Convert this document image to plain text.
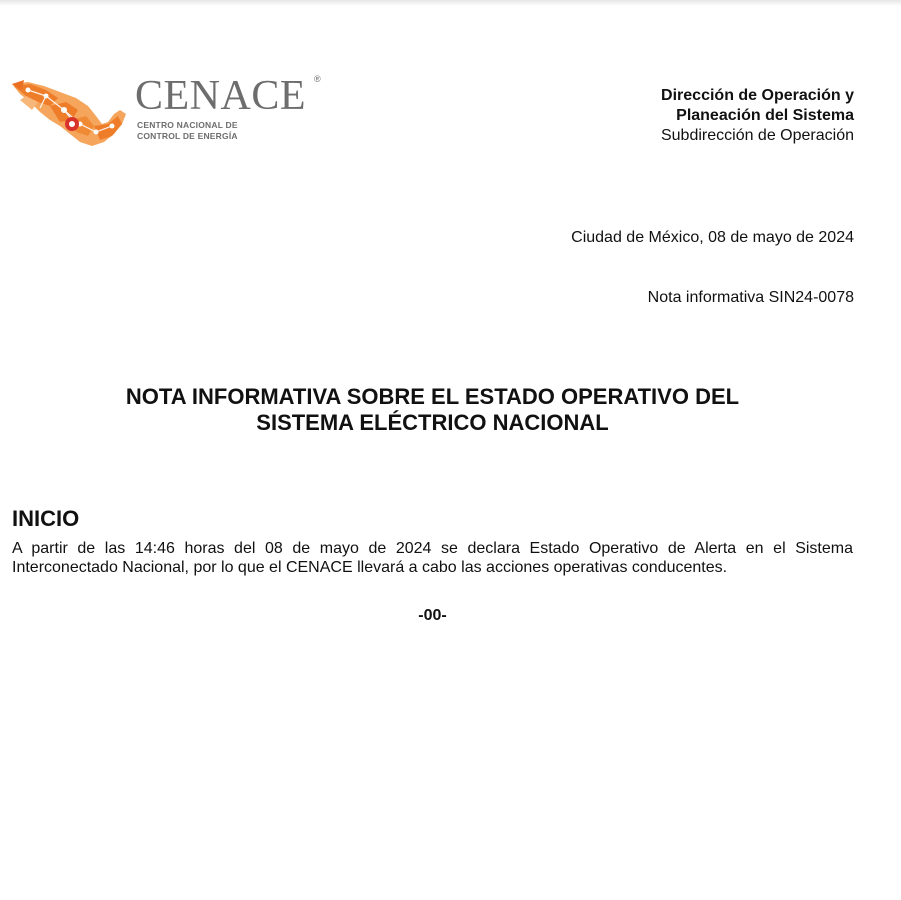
CENACE ®
CENTRO NACIONAL DE
CONTROL DE ENERGÍA
Dirección de Operación y
Planeación del Sistema
Subdirección de Operación
Ciudad de México, 08 de mayo de 2024
Nota informativa SIN24-0078
NOTA INFORMATIVA SOBRE EL ESTADO OPERATIVO DEL
SISTEMA ELÉCTRICO NACIONAL
INICIO
A partir de las 14:46 horas del 08 de mayo de 2024 se declara Estado Operativo de Alerta en el Sistema Interconectado Nacional, por lo que el CENACE llevará a cabo las acciones operativas conducentes.
-00-
